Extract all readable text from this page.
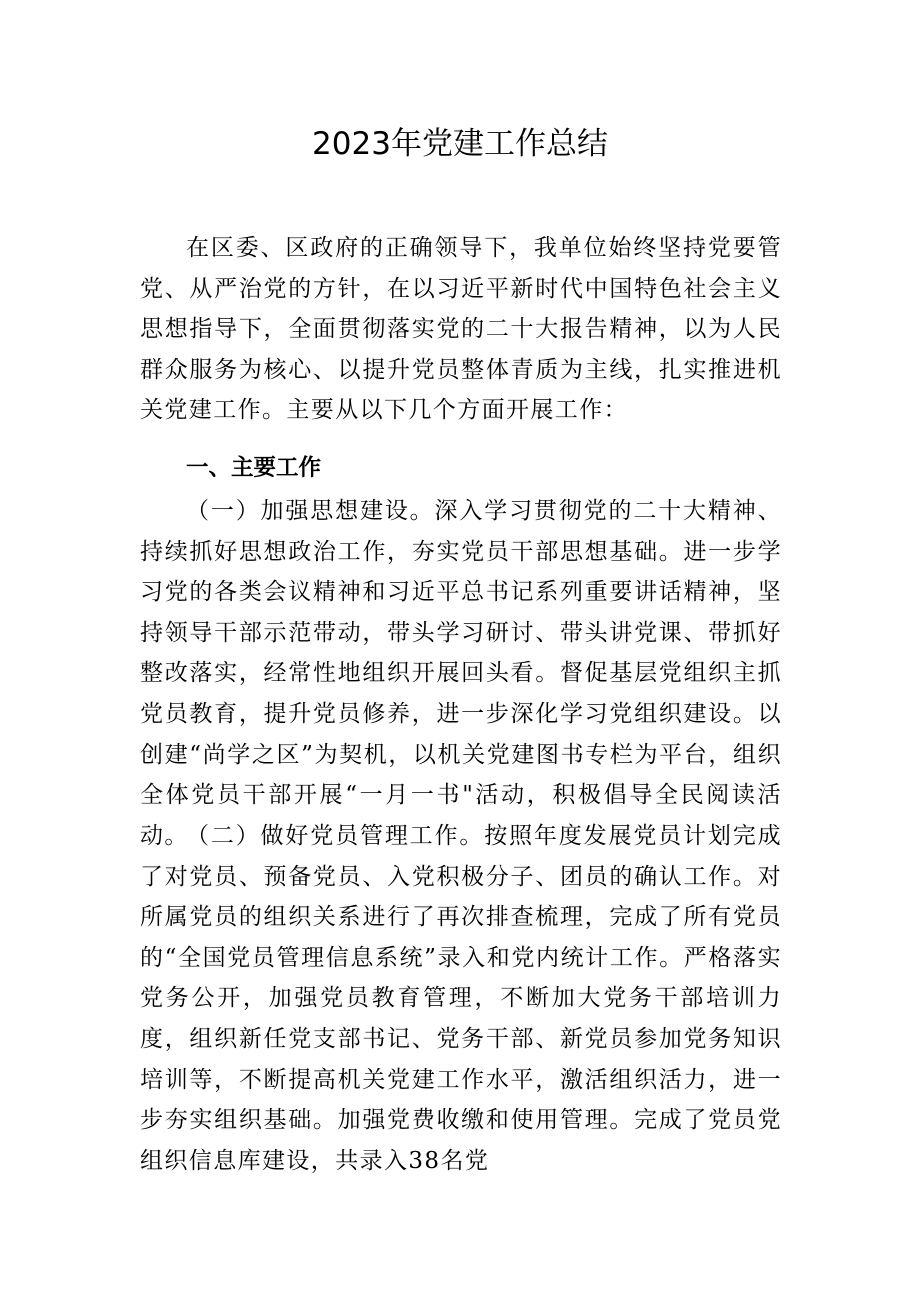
2023年党建工作总结

在区委、区政府的正确领导下，我单位始终坚持党要管党、从严治党的方针，在以习近平新时代中国特色社会主义思想指导下，全面贯彻落实党的二十大报告精神，以为人民群众服务为核心、以提升党员整体青质为主线，扎实推进机关党建工作。主要从以下几个方面开展工作：

一、主要工作

（一）加强思想建设。深入学习贯彻党的二十大精神、持续抓好思想政治工作，夯实党员干部思想基础。进一步学习党的各类会议精神和习近平总书记系列重要讲话精神，坚持领导干部示范带动，带头学习研讨、带头讲党课、带抓好整改落实，经常性地组织开展回头看。督促基层党组织主抓党员教育，提升党员修养，进一步深化学习党组织建设。以创建“尚学之区”为契机，以机关党建图书专栏为平台，组织全体党员干部开展“一月一书"活动，积极倡导全民阅读活动。

（二）做好党员管理工作。按照年度发展党员计划完成了对党员、预备党员、入党积极分子、团员的确认工作。对所属党员的组织关系进行了再次排查梳理，完成了所有党员的“全国党员管理信息系统”录入和党内统计工作。严格落实党务公开，加强党员教育管理，不断加大党务干部培训力度，组织新任党支部书记、党务干部、新党员参加党务知识培训等，不断提高机关党建工作水平，激活组织活力，进一步夯实组织基础。加强党费收缴和使用管理。完成了党员党组织信息库建设，共录入38名党
